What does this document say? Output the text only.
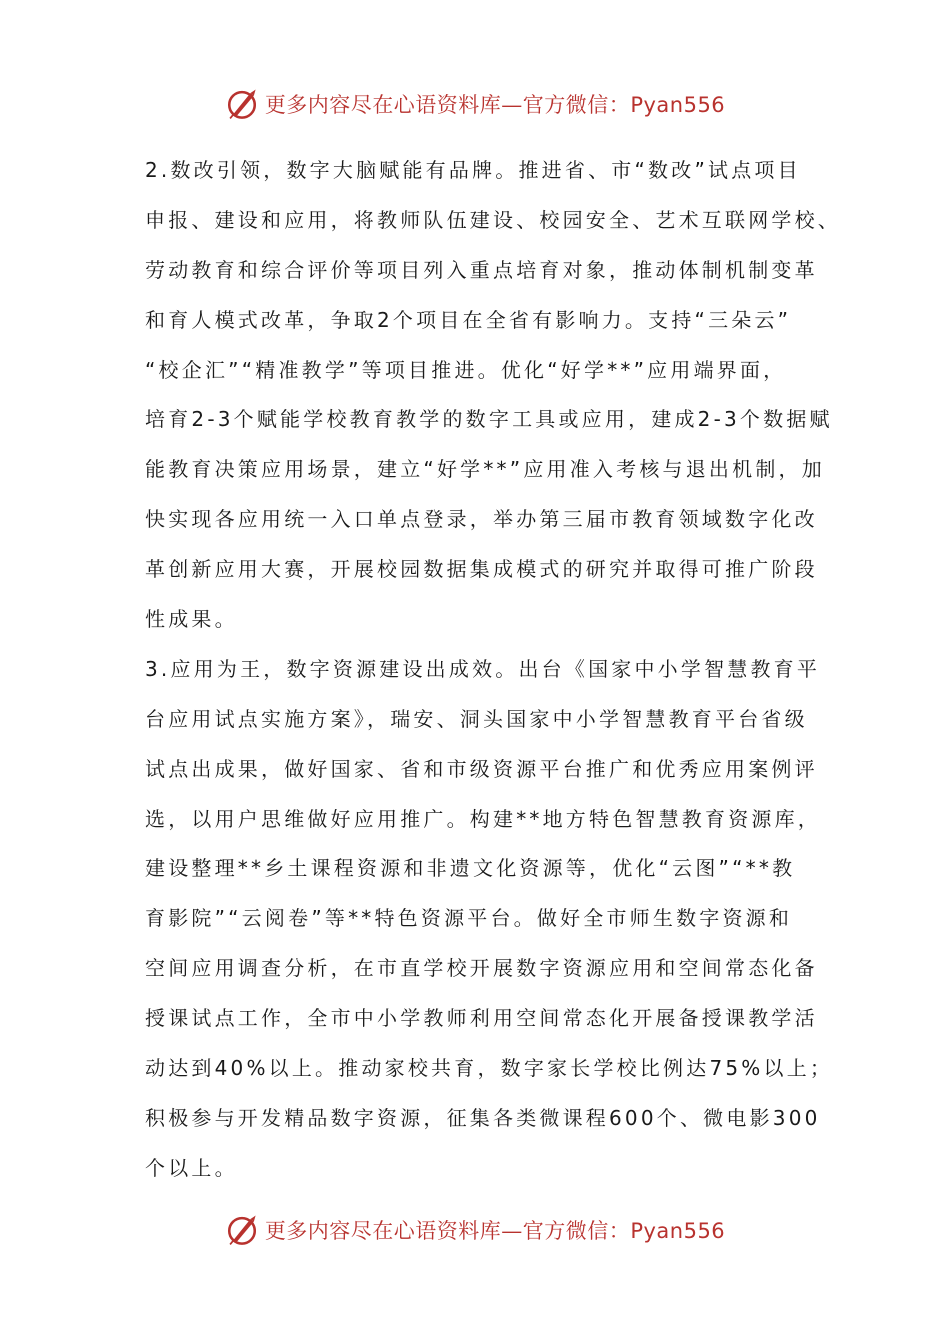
更多内容尽在心语资料库—官方微信：Pyan556
2.数改引领，数字大脑赋能有品牌。推进省、市“数改”试点项目
申报、建设和应用，将教师队伍建设、校园安全、艺术互联网学校、
劳动教育和综合评价等项目列入重点培育对象，推动体制机制变革
和育人模式改革，争取2个项目在全省有影响力。支持“三朵云”
“校企汇”“精准教学”等项目推进。优化“好学**”应用端界面，
培育2-3个赋能学校教育教学的数字工具或应用，建成2-3个数据赋
能教育决策应用场景，建立“好学**”应用准入考核与退出机制，加
快实现各应用统一入口单点登录，举办第三届市教育领域数字化改
革创新应用大赛，开展校园数据集成模式的研究并取得可推广阶段
性成果。
3.应用为王，数字资源建设出成效。出台《国家中小学智慧教育平
台应用试点实施方案》，瑞安、洞头国家中小学智慧教育平台省级
试点出成果，做好国家、省和市级资源平台推广和优秀应用案例评
选，以用户思维做好应用推广。构建**地方特色智慧教育资源库，
建设整理**乡土课程资源和非遗文化资源等，优化“云图”“**教
育影院”“云阅卷”等**特色资源平台。做好全市师生数字资源和
空间应用调查分析，在市直学校开展数字资源应用和空间常态化备
授课试点工作，全市中小学教师利用空间常态化开展备授课教学活
动达到40%以上。推动家校共育，数字家长学校比例达75%以上；
积极参与开发精品数字资源，征集各类微课程600个、微电影300
个以上。
更多内容尽在心语资料库—官方微信：Pyan556
